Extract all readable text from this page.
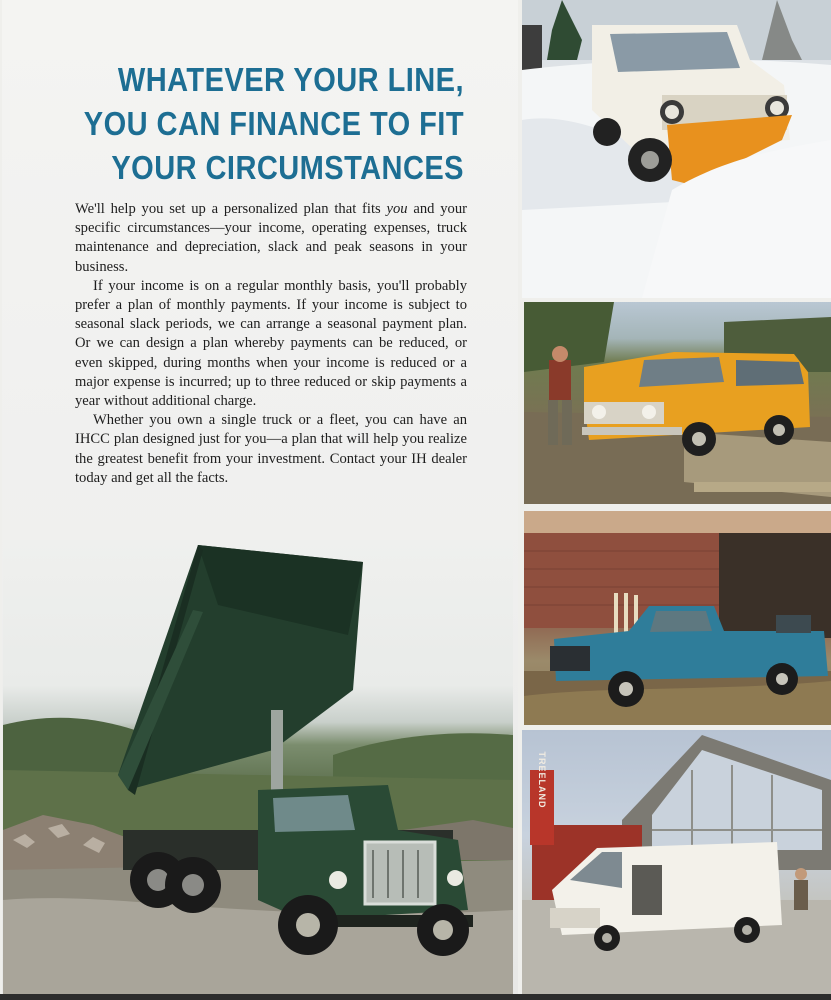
WHATEVER YOUR LINE,
YOU CAN FINANCE TO FIT
YOUR CIRCUMSTANCES

We'll help you set up a personalized plan that fits you and your specific circumstances—your income, operating expenses, truck maintenance and depreciation, slack and peak seasons in your business.

If your income is on a regular monthly basis, you'll probably prefer a plan of monthly payments. If your income is subject to seasonal slack periods, we can arrange a seasonal payment plan. Or we can design a plan whereby payments can be reduced, or even skipped, during months when your income is reduced or a major expense is incurred; up to three reduced or skip payments a year without additional charge.

Whether you own a single truck or a fleet, you can have an IHCC plan designed just for you—a plan that will help you realize the greatest benefit from your investment. Contact your IH dealer today and get all the facts.

TREELAND
